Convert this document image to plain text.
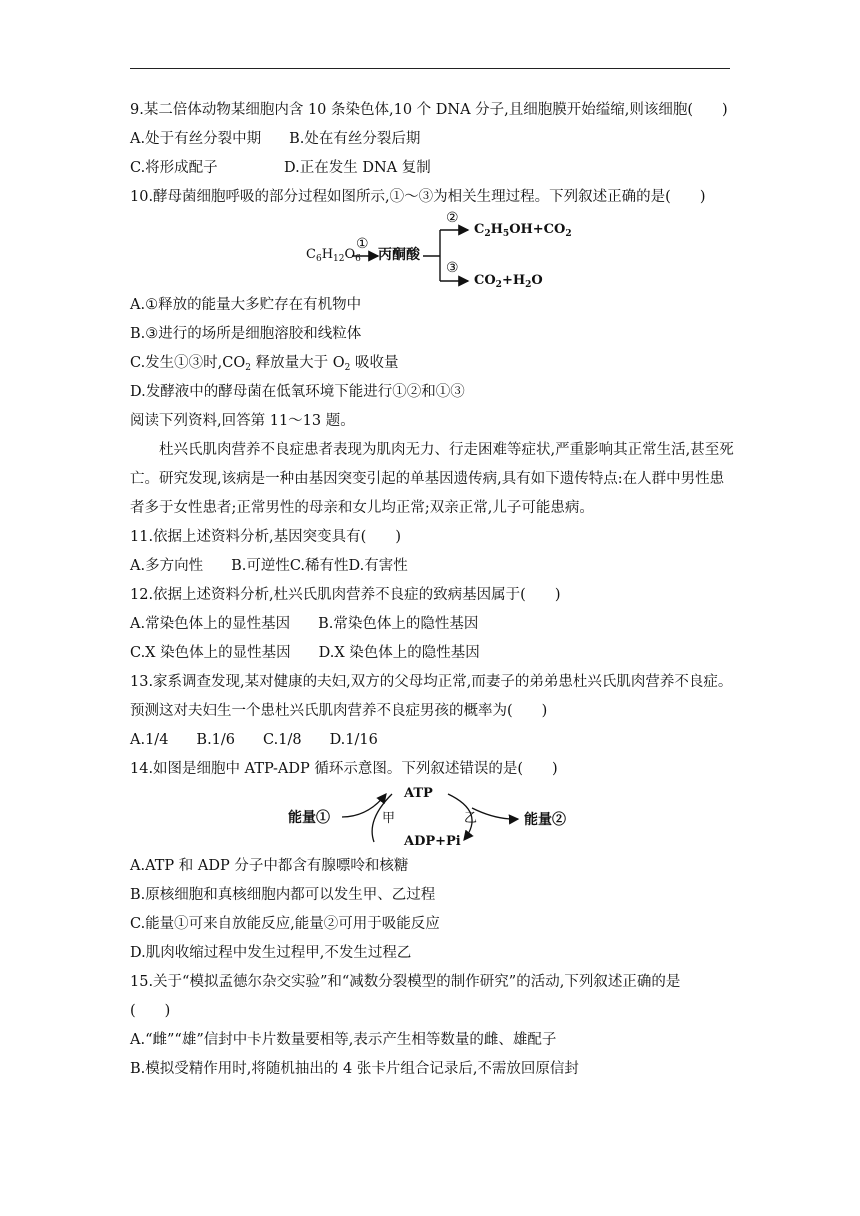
9.某二倍体动物某细胞内含 10 条染色体,10 个 DNA 分子,且细胞膜开始缢缩,则该细胞(　　)
A.处于有丝分裂中期 B.处在有丝分裂后期
C.将形成配子	D.正在发生 DNA 复制
10.酵母菌细胞呼吸的部分过程如图所示,①～③为相关生理过程。下列叙述正确的是(　　)
$C_6H_{12}O_6$
①
丙酮酸
②
$C_2H_5OH+CO_2$
③
$CO_2+H_2O$
A.①释放的能量大多贮存在有机物中
B.③进行的场所是细胞溶胶和线粒体
C.发生①③时$,CO_2$ 释放量大于 $O_2$ 吸收量
D.发酵液中的酵母菌在低氧环境下能进行①②和①③
阅读下列资料,回答第 11～13 题。
杜兴氏肌肉营养不良症患者表现为肌肉无力、行走困难等症状,严重影响其正常生活,甚至死亡。研究发现,该病是一种由基因突变引起的单基因遗传病,具有如下遗传特点:在人群中男性患者多于女性患者;正常男性的母亲和女儿均正常;双亲正常,儿子可能患病。
11.依据上述资料分析,基因突变具有(　　)
A.多方向性 B.可逆性C.稀有性D.有害性
12.依据上述资料分析,杜兴氏肌肉营养不良症的致病基因属于(　　)
A.常染色体上的显性基因 B.常染色体上的隐性基因
C.X 染色体上的显性基因 D.X 染色体上的隐性基因
13.家系调查发现,某对健康的夫妇,双方的父母均正常,而妻子的弟弟患杜兴氏肌肉营养不良症。预测这对夫妇生一个患杜兴氏肌肉营养不良症男孩的概率为(　　)
A.1/4 B.1/6 C.1/8 D.1/16
14.如图是细胞中 ATP-ADP 循环示意图。下列叙述错误的是(　　)
能量①
ATP
ADP+Pi
甲	乙	能量②
A.ATP 和 ADP 分子中都含有腺嘌呤和核糖
B.原核细胞和真核细胞内都可以发生甲、乙过程
C.能量①可来自放能反应,能量②可用于吸能反应
D.肌肉收缩过程中发生过程甲,不发生过程乙
15.关于“模拟孟德尔杂交实验”和“减数分裂模型的制作研究”的活动,下列叙述正确的是
(　　)
A.“雌”“雄”信封中卡片数量要相等,表示产生相等数量的雌、雄配子
B.模拟受精作用时,将随机抽出的 4 张卡片组合记录后,不需放回原信封
